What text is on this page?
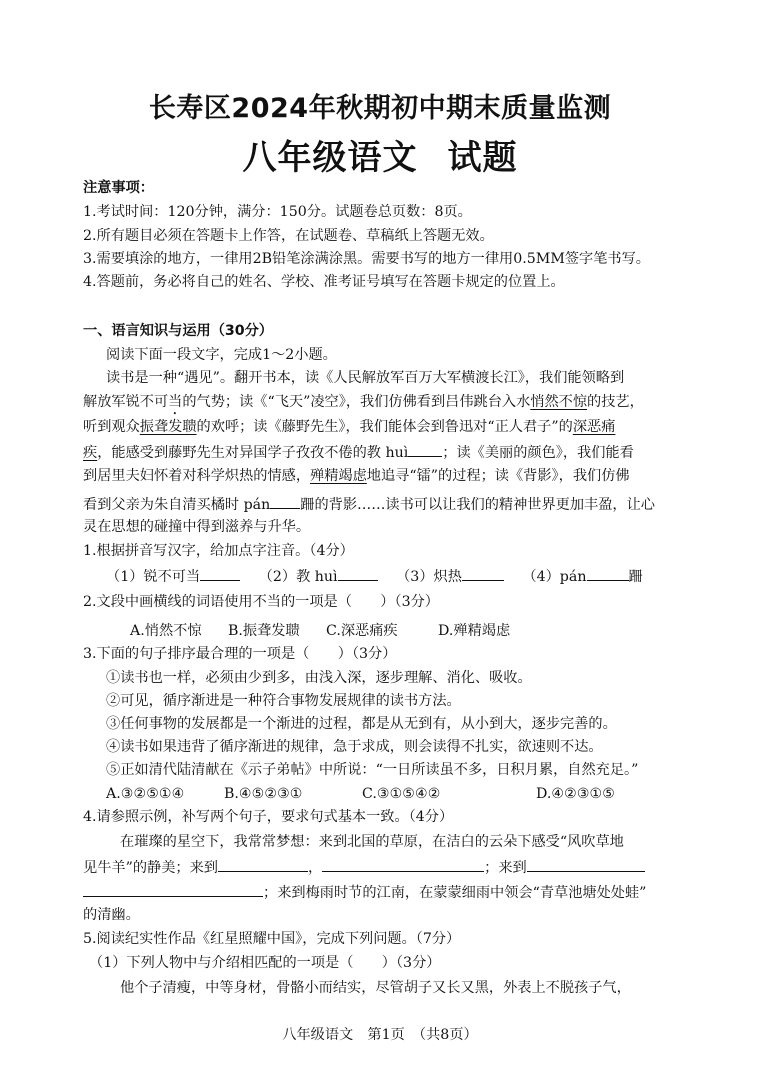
长寿区2024年秋期初中期末质量监测
八年级语文 试题
注意事项：
1.考试时间：120分钟，满分：150分。试题卷总页数：8页。
2.所有题目必须在答题卡上作答，在试题卷、草稿纸上答题无效。
3.需要填涂的地方，一律用2B铅笔涂满涂黑。需要书写的地方一律用0.5MM签字笔书写。
4.答题前，务必将自己的姓名、学校、准考证号填写在答题卡规定的位置上。
一、语言知识与运用（30分）
阅读下面一段文字，完成1～2小题。
读书是一种“遇见”。翻开书本，读《人民解放军百万大军横渡长江》，我们能领略到
解放军锐不可当的气势；读《“飞天”凌空》，我们仿佛看到吕伟跳台入水悄然不惊的技艺，
听到观众振聋发聩的欢呼；读《藤野先生》，我们能体会到鲁迅对“正人君子”的深恶痛
疾，能感受到藤野先生对异国学子孜孜不倦的教 huì ；读《美丽的颜色》，我们能看
到居里夫妇怀着对科学炽热的情感，殚精竭虑地追寻“镭”的过程；读《背影》，我们仿佛
看到父亲为朱自清买橘时 pán 跚的背影……读书可以让我们的精神世界更加丰盈，让心
灵在思想的碰撞中得到滋养与升华。
1.根据拼音写汉字，给加点字注音。（4分）
（1）锐不可当	（2）教 huì	（3）炽热	（4）pán	跚
2.文段中画横线的词语使用不当的一项是（　　）（3分）
A.悄然不惊 B.振聋发聩 C.深恶痛疾	D.殚精竭虑
3.下面的句子排序最合理的一项是（　　）（3分）
①读书也一样，必须由少到多，由浅入深，逐步理解、消化、吸收。
②可见，循序渐进是一种符合事物发展规律的读书方法。
③任何事物的发展都是一个渐进的过程，都是从无到有，从小到大，逐步完善的。
④读书如果违背了循序渐进的规律，急于求成，则会读得不扎实，欲速则不达。
⑤正如清代陆清献在《示子弟帖》中所说：“一日所读虽不多，日积月累，自然充足。”
A.③②⑤①④	B.④⑤②③①	C.③①⑤④②	D.④②③①⑤
4.请参照示例，补写两个句子，要求句式基本一致。（4分）
在璀璨的星空下，我常常梦想：来到北国的草原，在洁白的云朵下感受“风吹草地
见牛羊”的静美；来到	，	；来到
；来到梅雨时节的江南，在蒙蒙细雨中领会“青草池塘处处蛙”
的清幽。
5.阅读纪实性作品《红星照耀中国》，完成下列问题。（7分）
（1）下列人物中与介绍相匹配的一项是（　　）（3分）
他个子清瘦，中等身材，骨骼小而结实，尽管胡子又长又黑，外表上不脱孩子气，
八年级语文　第1页　（共8页）
